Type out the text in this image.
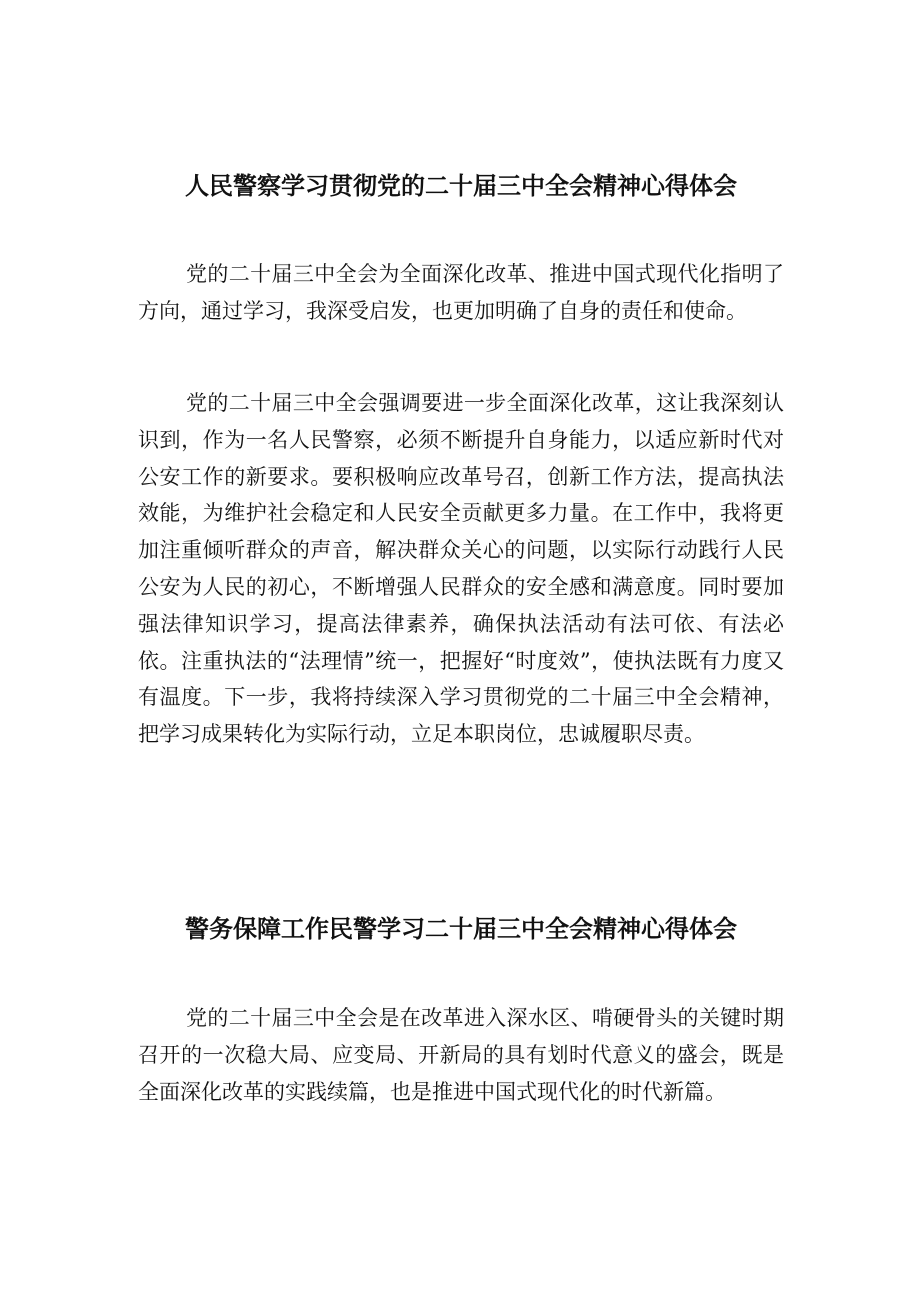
人民警察学习贯彻党的二十届三中全会精神心得体会

党的二十届三中全会为全面深化改革、推进中国式现代化指明了方向，通过学习，我深受启发，也更加明确了自身的责任和使命。

党的二十届三中全会强调要进一步全面深化改革，这让我深刻认识到，作为一名人民警察，必须不断提升自身能力，以适应新时代对公安工作的新要求。要积极响应改革号召，创新工作方法，提高执法效能，为维护社会稳定和人民安全贡献更多力量。在工作中，我将更加注重倾听群众的声音，解决群众关心的问题，以实际行动践行人民公安为人民的初心，不断增强人民群众的安全感和满意度。同时要加强法律知识学习，提高法律素养，确保执法活动有法可依、有法必依。注重执法的“法理情”统一，把握好“时度效”，使执法既有力度又有温度。下一步，我将持续深入学习贯彻党的二十届三中全会精神，把学习成果转化为实际行动，立足本职岗位，忠诚履职尽责。

警务保障工作民警学习二十届三中全会精神心得体会

党的二十届三中全会是在改革进入深水区、啃硬骨头的关键时期召开的一次稳大局、应变局、开新局的具有划时代意义的盛会，既是全面深化改革的实践续篇，也是推进中国式现代化的时代新篇。
